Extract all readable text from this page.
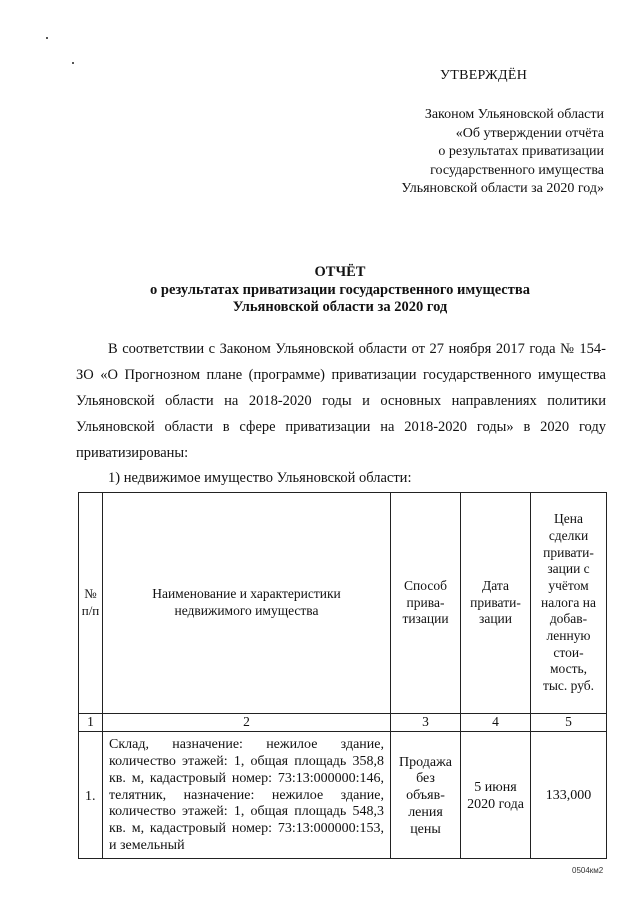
УТВЕРЖДЁН
Законом Ульяновской области
«Об утверждении отчёта
о результатах приватизации
государственного имущества
Ульяновской области за 2020 год»
ОТЧЁТ
о результатах приватизации государственного имущества
Ульяновской области за 2020 год
В соответствии с Законом Ульяновской области от 27 ноября 2017 года № 154-ЗО «О Прогнозном плане (программе) приватизации государственного имущества Ульяновской области на 2018-2020 годы и основных направлениях политики Ульяновской области в сфере приватизации на 2018-2020 годы» в 2020 году приватизированы:
1) недвижимое имущество Ульяновской области:
№ п/п	Наименование и характеристики недвижимого имущества	Способ приватизации	Дата приватизации	Цена сделки приватизации с учётом налога на добавленную стоимость, тыс. руб.
1	2	3	4	5
1.	Склад, назначение: нежилое здание, количество этажей: 1, общая площадь 358,8 кв. м, кадастровый номер: 73:13:000000:146, телятник, назначение: нежилое здание, количество этажей: 1, общая площадь 548,3 кв. м, кадастровый номер: 73:13:000000:153, и земельный	Продажа без объявления цены	5 июня 2020 года	133,000
0504км2
